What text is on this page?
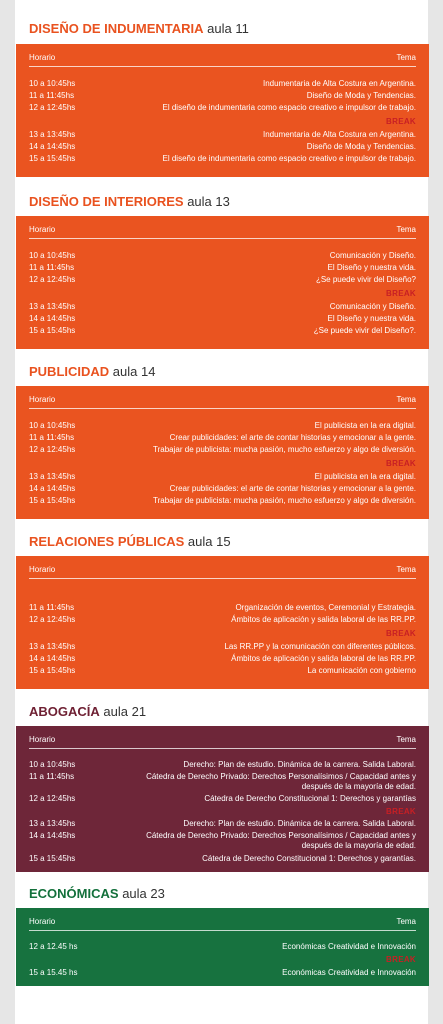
DISEÑO DE INDUMENTARIA aula 11
Horario	Tema
10 a 10:45hs	Indumentaria de Alta Costura en Argentina.
11 a 11:45hs	Diseño de Moda y Tendencias.
12 a 12:45hs	El diseño de indumentaria como espacio creativo e impulsor de trabajo.
BREAK
13 a 13:45hs	Indumentaria de Alta Costura en Argentina.
14 a 14:45hs	Diseño de Moda y Tendencias.
15 a 15:45hs	El diseño de indumentaria como espacio creativo e impulsor de trabajo.
DISEÑO DE INTERIORES aula 13
Horario	Tema
10 a 10:45hs	Comunicación y Diseño.
11 a 11:45hs	El Diseño y nuestra vida.
12 a 12:45hs	¿Se puede vivir del Diseño?
BREAK
13 a 13:45hs	Comunicación y Diseño.
14 a 14:45hs	El Diseño y nuestra vida.
15 a 15:45hs	¿Se puede vivir del Diseño?.
PUBLICIDAD aula 14
Horario	Tema
10 a 10:45hs	El publicista en la era digital.
11 a 11:45hs	Crear publicidades: el arte de contar historias y emocionar a la gente.
12 a 12:45hs	Trabajar de publicista: mucha pasión, mucho esfuerzo y algo de diversión.
BREAK
13 a 13:45hs	El publicista en la era digital.
14 a 14:45hs	Crear publicidades: el arte de contar historias y emocionar a la gente.
15 a 15:45hs	Trabajar de publicista: mucha pasión, mucho esfuerzo y algo de diversión.
RELACIONES PÚBLICAS aula 15
Horario	Tema
11 a 11:45hs	Organización de eventos, Ceremonial y Estrategia.
12 a 12:45hs	Ámbitos de aplicación y salida laboral de las RR.PP.
BREAK
13 a 13:45hs	Las RR.PP y la comunicación con diferentes públicos.
14 a 14:45hs	Ámbitos de aplicación y salida laboral de las RR.PP.
15 a 15:45hs	La comunicación con gobierno
ABOGACÍA aula 21
Horario	Tema
10 a 10:45hs	Derecho: Plan de estudio. Dinámica de la carrera. Salida Laboral.
11 a 11:45hs	Cátedra de Derecho Privado: Derechos Personalísimos / Capacidad antes y después de la mayoría de edad.
12 a 12:45hs	Cátedra de Derecho Constitucional 1: Derechos y garantías
BREAK
13 a 13:45hs	Derecho: Plan de estudio. Dinámica de la carrera. Salida Laboral.
14 a 14:45hs	Cátedra de Derecho Privado: Derechos Personalísimos / Capacidad antes y después de la mayoría de edad.
15 a 15:45hs	Cátedra de Derecho Constitucional 1: Derechos y garantías.
ECONÓMICAS aula 23
Horario	Tema
12 a 12.45 hs	Económicas Creatividad e Innovación
BREAK
15 a 15.45 hs	Económicas Creatividad e Innovación
